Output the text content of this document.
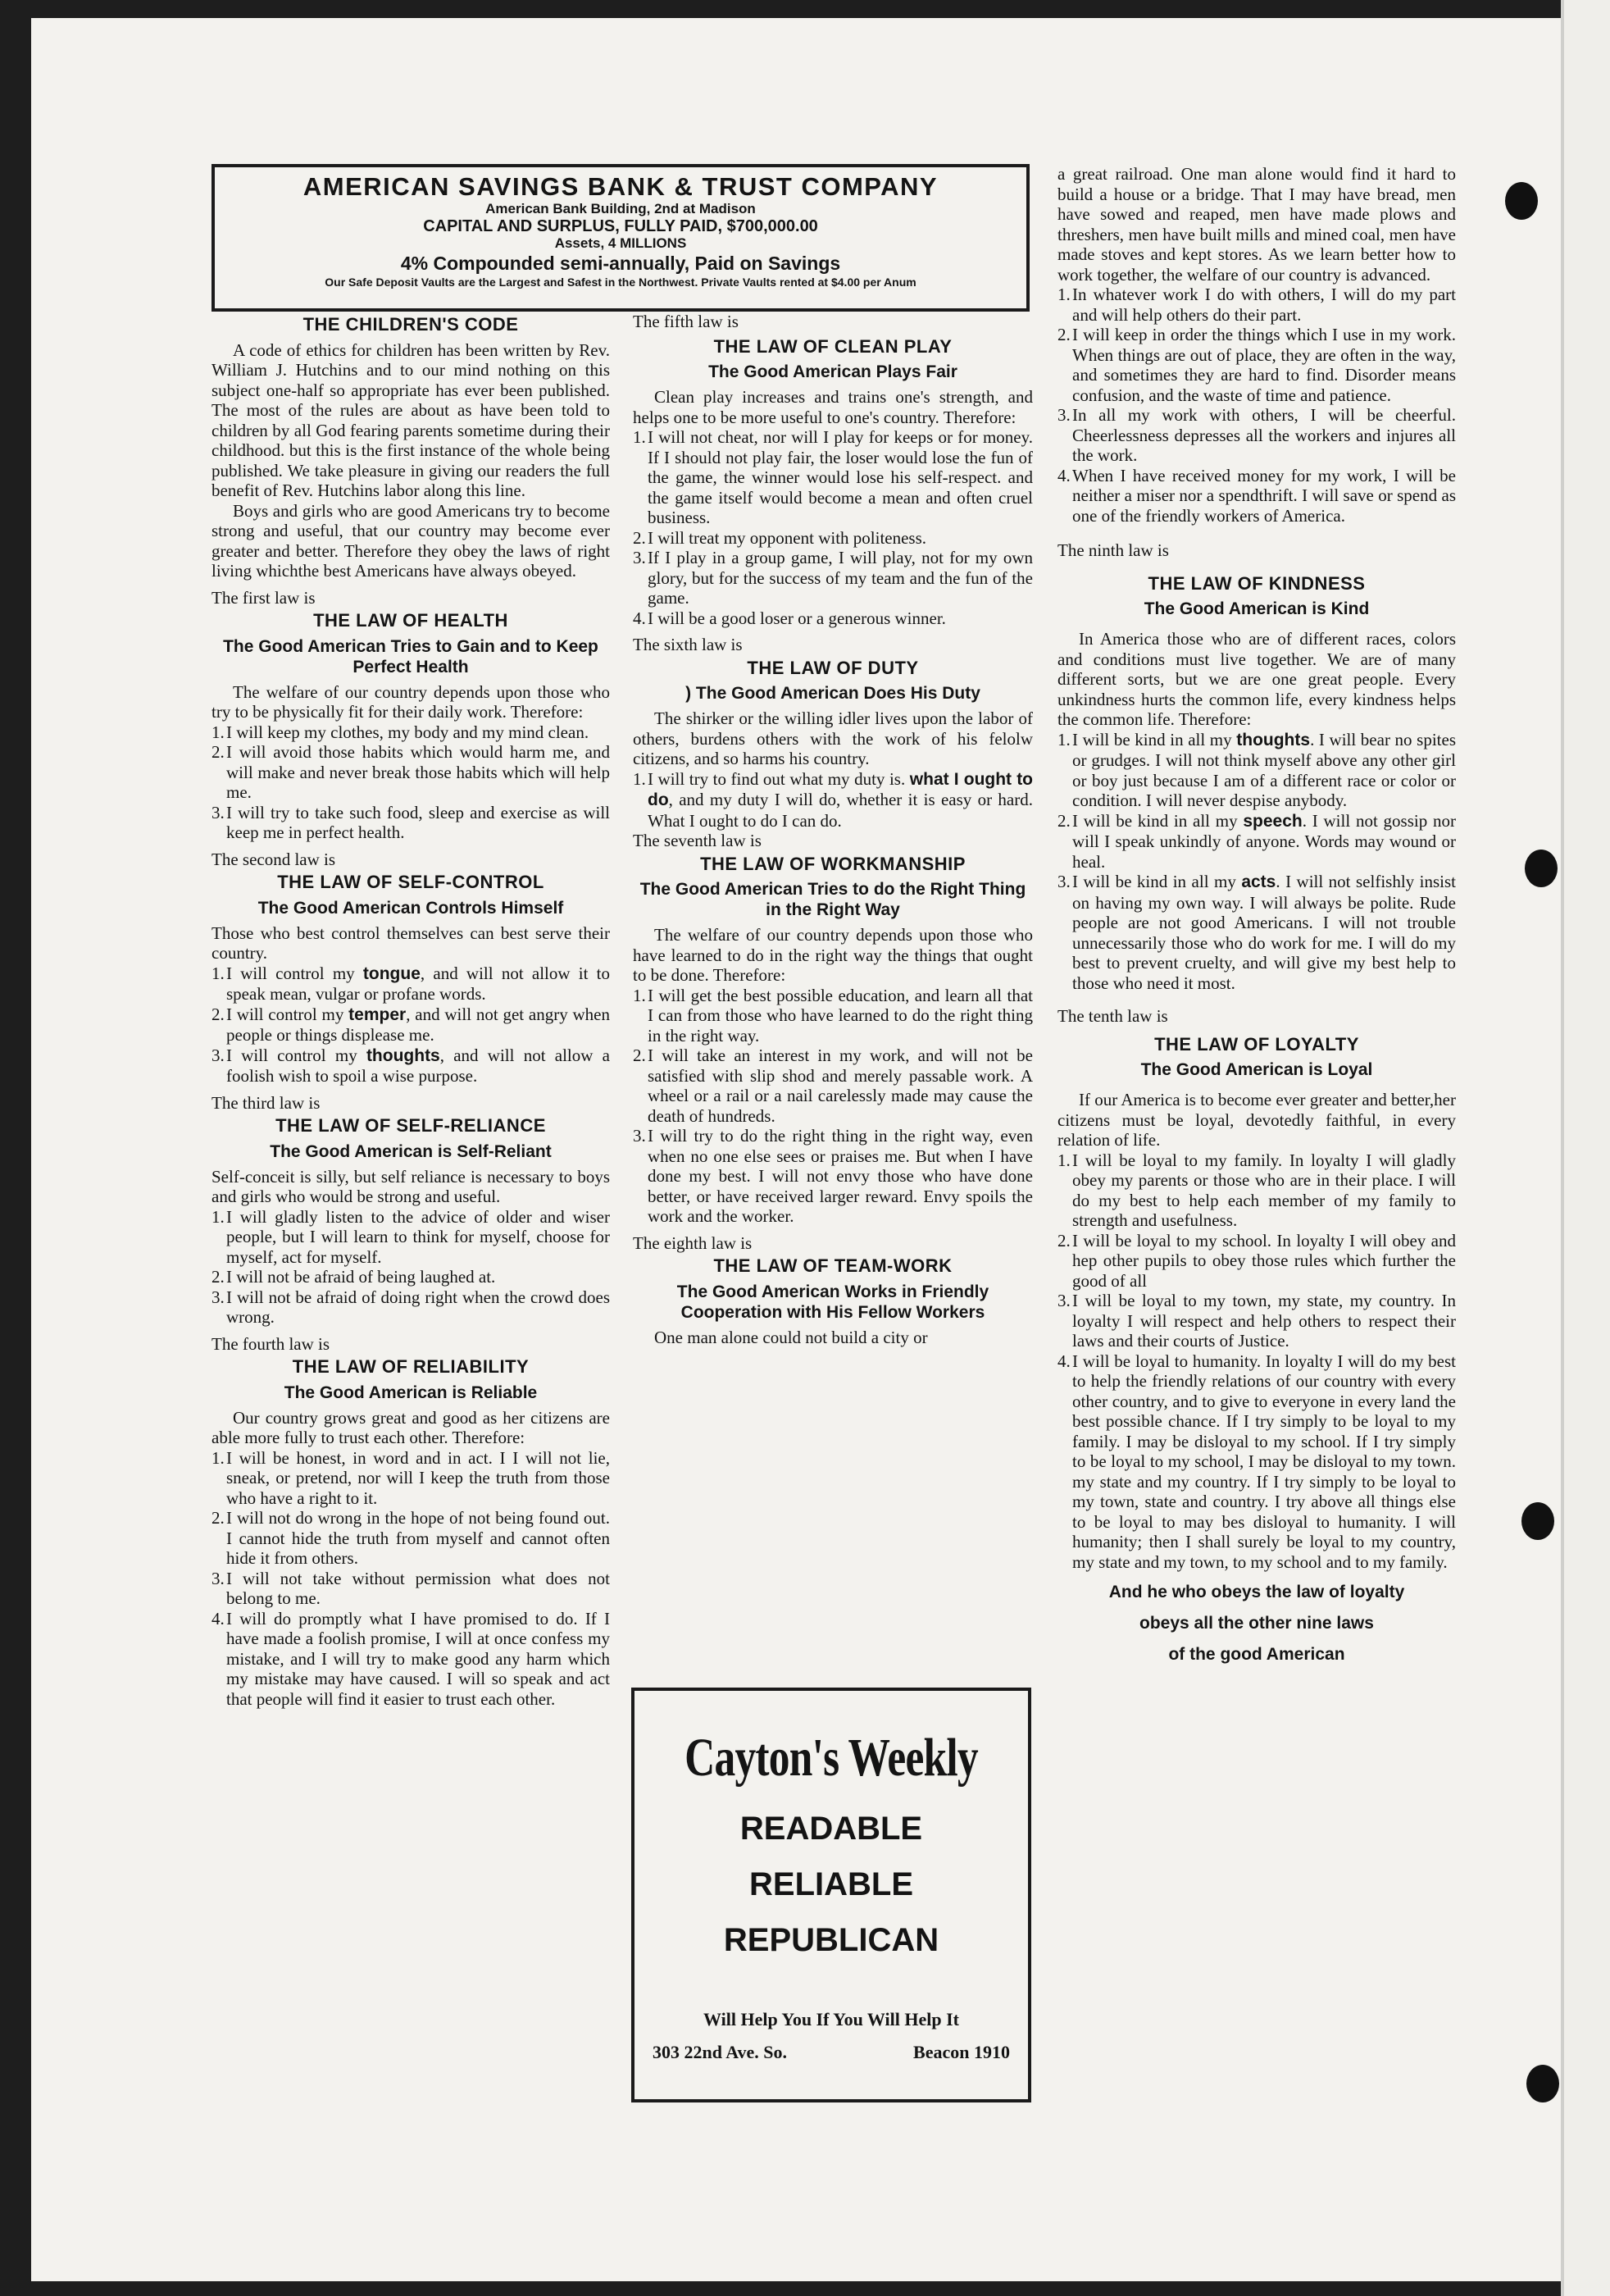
AMERICAN SAVINGS BANK & TRUST COMPANY
American Bank Building, 2nd at Madison
CAPITAL AND SURPLUS, FULLY PAID, $700,000.00
Assets, 4 MILLIONS
4% Compounded semi-annually, Paid on Savings
Our Safe Deposit Vaults are the Largest and Safest in the Northwest. Private Vaults rented at $4.00 per Anum
THE CHILDREN'S CODE

A code of ethics for children has been written by Rev. William J. Hutchins and to our mind nothing on this subject one-half so appropriate has ever been published. The most of the rules are about as have been told to children by all God fearing parents sometime during their childhood. but this is the first instance of the whole being published. We take pleasure in giving our readers the full benefit of Rev. Hutchins labor along this line.

Boys and girls who are good Americans try to become strong and useful, that our country may become ever greater and better. Therefore they obey the laws of right living whichthe best Americans have always obeyed.

The first law is
THE LAW OF HEALTH
The Good American Tries to Gain and to Keep Perfect Health

The welfare of our country depends upon those who try to be physically fit for their daily work. Therefore:

1. I will keep my clothes, my body and my mind clean.
2. I will avoid those habits which would harm me, and will make and never break those habits which will help me.
3. I will try to take such food, sleep and exercise as will keep me in perfect health.
The second law is
THE LAW OF SELF-CONTROL
The Good American Controls Himself

Those who best control themselves can best serve their country.

1. I will control my tongue, and will not allow it to speak mean, vulgar or profane words.
2. I will control my temper, and will not get angry when people or things displease me.
3. I will control my thoughts, and will not allow a foolish wish to spoil a wise purpose.
The third law is
THE LAW OF SELF-RELIANCE
The Good American is Self-Reliant

Self-conceit is silly, but self reliance is necessary to boys and girls who would be strong and useful.

1. I will gladly listen to the advice of older and wiser people, but I will learn to think for myself, choose for myself, act for myself.
2. I will not be afraid of being laughed at.
3. I will not be afraid of doing right when the crowd does wrong.
The fourth law is
THE LAW OF RELIABILITY
The Good American is Reliable

Our country grows great and good as her citizens are able more fully to trust each other. Therefore:

1. I will be honest, in word and in act. I I will not lie, sneak, or pretend, nor will I keep the truth from those who have a right to it.
2. I will not do wrong in the hope of not being found out. I cannot hide the truth from myself and cannot often hide it from others.
3. I will not take without permission what does not belong to me.
4. I will do promptly what I have promised to do. If I have made a foolish promise, I will at once confess my mistake, and I will try to make good any harm which my mistake may have caused. I will so speak and act that people will find it easier to trust each other.
The fifth law is
THE LAW OF CLEAN PLAY
The Good American Plays Fair

Clean play increases and trains one's strength, and helps one to be more useful to one's country. Therefore:

1. I will not cheat, nor will I play for keeps or for money. If I should not play fair, the loser would lose the fun of the game, the winner would lose his self-respect. and the game itself would become a mean and often cruel business.
2. I will treat my opponent with politeness.
3. If I play in a group game, I will play, not for my own glory, but for the success of my team and the fun of the game.
4. I will be a good loser or a generous winner.
The sixth law is
THE LAW OF DUTY
) The Good American Does His Duty

The shirker or the willing idler lives upon the labor of others, burdens others with the work of his felolw citizens, and so harms his country.

1. I will try to find out what my duty is. what I ought to do, and my duty I will do, whether it is easy or hard. What I ought to do I can do.
The seventh law is
THE LAW OF WORKMANSHIP
The Good American Tries to do the Right Thing in the Right Way

The welfare of our country depends upon those who have learned to do in the right way the things that ought to be done. Therefore:

1. I will get the best possible education, and learn all that I can from those who have learned to do the right thing in the right way.
2. I will take an interest in my work, and will not be satisfied with slip shod and merely passable work. A wheel or a rail or a nail carelessly made may cause the death of hundreds.
3. I will try to do the right thing in the right way, even when no one else sees or praises me. But when I have done my best. I will not envy those who have done better, or have received larger reward. Envy spoils the work and the worker.
The eighth law is
THE LAW OF TEAM-WORK
The Good American Works in Friendly Cooperation with His Fellow Workers

One man alone could not build a city or

Cayton's Weekly
READABLE
RELIABLE
REPUBLICAN
Will Help You If You Will Help It
303 22nd Ave. So.	Beacon 1910

a great railroad. One man alone would find it hard to build a house or a bridge. That I may have bread, men have sowed and reaped, men have made plows and threshers, men have built mills and mined coal, men have made stoves and kept stores. As we learn better how to work together, the welfare of our country is advanced.

1. In whatever work I do with others, I will do my part and will help others do their part.
2. I will keep in order the things which I use in my work. When things are out of place, they are often in the way, and sometimes they are hard to find. Disorder means confusion, and the waste of time and patience.
3. In all my work with others, I will be cheerful. Cheerlessness depresses all the workers and injures all the work.
4. When I have received money for my work, I will be neither a miser nor a spendthrift. I will save or spend as one of the friendly workers of America.
The ninth law is
THE LAW OF KINDNESS
The Good American is Kind

In America those who are of different races, colors and conditions must live together. We are of many different sorts, but we are one great people. Every unkindness hurts the common life, every kindness helps the common life. Therefore:

1. I will be kind in all my thoughts. I will bear no spites or grudges. I will not think myself above any other girl or boy just because I am of a different race or color or condition. I will never despise anybody.
2. I will be kind in all my speech. I will not gossip nor will I speak unkindly of anyone. Words may wound or heal.
3. I will be kind in all my acts. I will not selfishly insist on having my own way. I will always be polite. Rude people are not good Americans. I will not trouble unnecessarily those who do work for me. I will do my best to prevent cruelty, and will give my best help to those who need it most.
The tenth law is
THE LAW OF LOYALTY
The Good American is Loyal

If our America is to become ever greater and better,her citizens must be loyal, devotedly faithful, in every relation of life.

1. I will be loyal to my family. In loyalty I will gladly obey my parents or those who are in their place. I will do my best to help each member of my family to strength and usefulness.
2. I will be loyal to my school. In loyalty I will obey and hep other pupils to obey those rules which further the good of all
3. I will be loyal to my town, my state, my country. In loyalty I will respect and help others to respect their laws and their courts of Justice.
4. I will be loyal to humanity. In loyalty I will do my best to help the friendly relations of our country with every other country, and to give to everyone in every land the best possible chance. If I try simply to be loyal to my family. I may be disloyal to my school. If I try simply to be loyal to my school, I may be disloyal to my town. my state and my country. If I try simply to be loyal to my town, state and country. I try above all things else to be loyal to may bes disloyal to humanity. I will humanity; then I shall surely be loyal to my country, my state and my town, to my school and to my family.
And he who obeys the law of loyalty
obeys all the other nine laws
of the good American
